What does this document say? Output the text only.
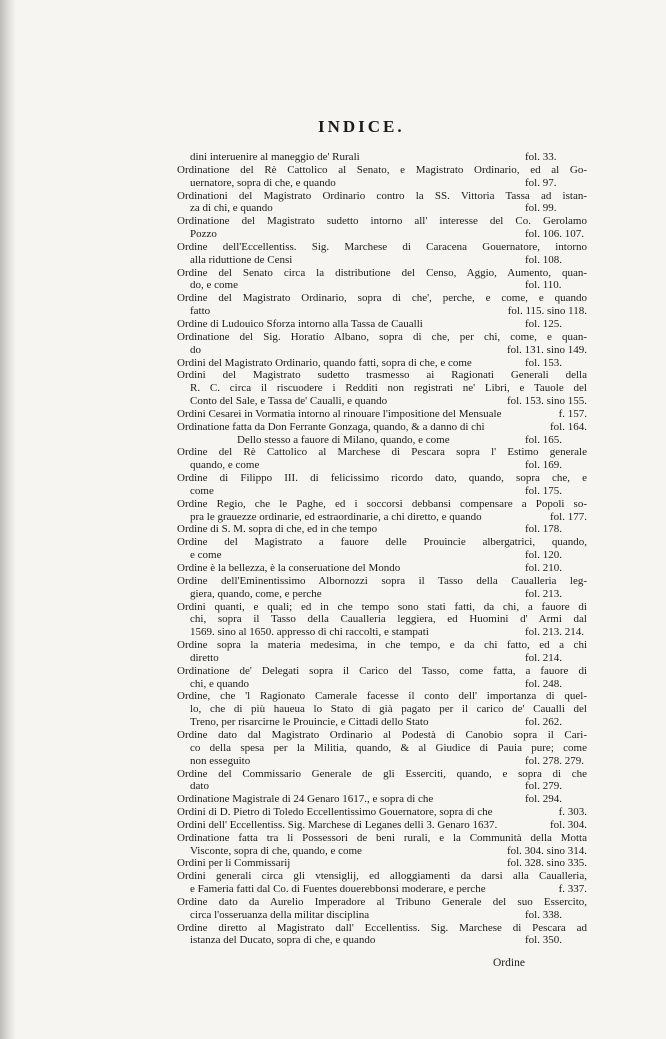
INDICE.
dini interuenire al maneggio de' Rurali	fol. 33.
Ordinatione del Rè Cattolico al Senato, e Magistrato Ordinario, ed al Go-
uernatore, sopra di che, e quando	fol. 97.
Ordinationi del Magistrato Ordinario contro la SS. Vittoria Tassa ad istan-
za di chi, e quando	fol. 99.
Ordinatione del Magistrato sudetto intorno all' interesse del Co. Gerolamo
Pozzo	fol. 106. 107.
Ordine dell'Eccellentiss. Sig. Marchese di Caracena Gouernatore, intorno
alla riduttione de Censi	fol. 108.
Ordine del Senato circa la distributione del Censo, Aggio, Aumento, quan-
do, e come	fol. 110.
Ordine del Magistrato Ordinario, sopra di che', perche, e come, e quando
fatto	fol. 115. sino 118.
Ordine di Ludouico Sforza intorno alla Tassa de Caualli	fol. 125.
Ordinatione del Sig. Horatio Albano, sopra di che, per chi, come, e quan-
do	fol. 131. sino 149.
Ordini del Magistrato Ordinario, quando fatti, sopra di che, e come	fol. 153.
Ordini del Magistrato sudetto trasmesso ai Ragionati Generali della
R. C. circa il riscuodere i Redditi non registrati ne' Libri, e Tauole del
Conto del Sale, e Tassa de' Caualli, e quando	fol. 153. sino 155.
Ordini Cesarei in Vormatia intorno al rinouare l'impositione del Mensuale	f. 157.
Ordinatione fatta da Don Ferrante Gonzaga, quando, & a danno di chi	fol. 164.
Dello stesso a fauore di Milano, quando, e come	fol. 165.
Ordine del Rè Cattolico al Marchese di Pescara sopra l' Estimo generale
quando, e come	fol. 169.
Ordine di Filippo III. di felicissimo ricordo dato, quando, sopra che, e
come	fol. 175.
Ordine Regio, che le Paghe, ed i soccorsi debbansi compensare a Popoli so-
pra le grauezze ordinarie, ed estraordinarie, a chi diretto, e quando	fol. 177.
Ordine di S. M. sopra di che, ed in che tempo	fol. 178.
Ordine del Magistrato a fauore delle Prouincie albergatrici, quando,
e come	fol. 120.
Ordine è la bellezza, è la conseruatione del Mondo	fol. 210.
Ordine dell'Eminentissimo Albornozzi sopra il Tasso della Caualleria leg-
giera, quando, come, e perche	fol. 213.
Ordini quanti, e quali; ed in che tempo sono stati fatti, da chi, a fauore di
chi, sopra il Tasso della Caualleria leggiera, ed Huomini d' Armi dal
1569. sino al 1650. appresso di chi raccolti, e stampati	fol. 213. 214.
Ordine sopra la materia medesima, in che tempo, e da chi fatto, ed a chi
diretto	fol. 214.
Ordinatione de' Delegati sopra il Carico del Tasso, come fatta, a fauore di
chi, e quando	fol. 248.
Ordine, che 'l Ragionato Camerale facesse il conto dell' importanza di quel-
lo, che di più haueua lo Stato di già pagato per il carico de' Caualli del
Treno, per risarcirne le Prouincie, e Cittadi dello Stato	fol. 262.
Ordine dato dal Magistrato Ordinario al Podestà di Canobio sopra il Cari-
co della spesa per la Militia, quando, & al Giudice di Pauia pure; come
non esseguito	fol. 278. 279.
Ordine del Commissario Generale de gli Esserciti, quando, e sopra di che
dato	fol. 279.
Ordinatione Magistrale di 24 Genaro 1617., e sopra di che	fol. 294.
Ordini di D. Pietro di Toledo Eccellentissimo Gouernatore, sopra di che	f. 303.
Ordini dell' Eccellentiss. Sig. Marchese di Leganes delli 3. Genaro 1637.	fol. 304.
Ordinatione fatta tra li Possessori de beni rurali, e la Communità della Motta
Visconte, sopra di che, quando, e come	fol. 304. sino 314.
Ordini per li Commissarij	fol. 328. sino 335.
Ordini generali circa gli vtensiglij, ed alloggiamenti da darsi alla Caualleria,
e Fameria fatti dal Co. di Fuentes douerebbonsi moderare, e perche	f. 337.
Ordine dato da Aurelio Imperadore al Tribuno Generale del suo Essercito,
circa l'osseruanza della militar disciplina	fol. 338.
Ordine diretto al Magistrato dall' Eccellentiss. Sig. Marchese di Pescara ad
istanza del Ducato, sopra di che, e quando	fol. 350.
Ordine
